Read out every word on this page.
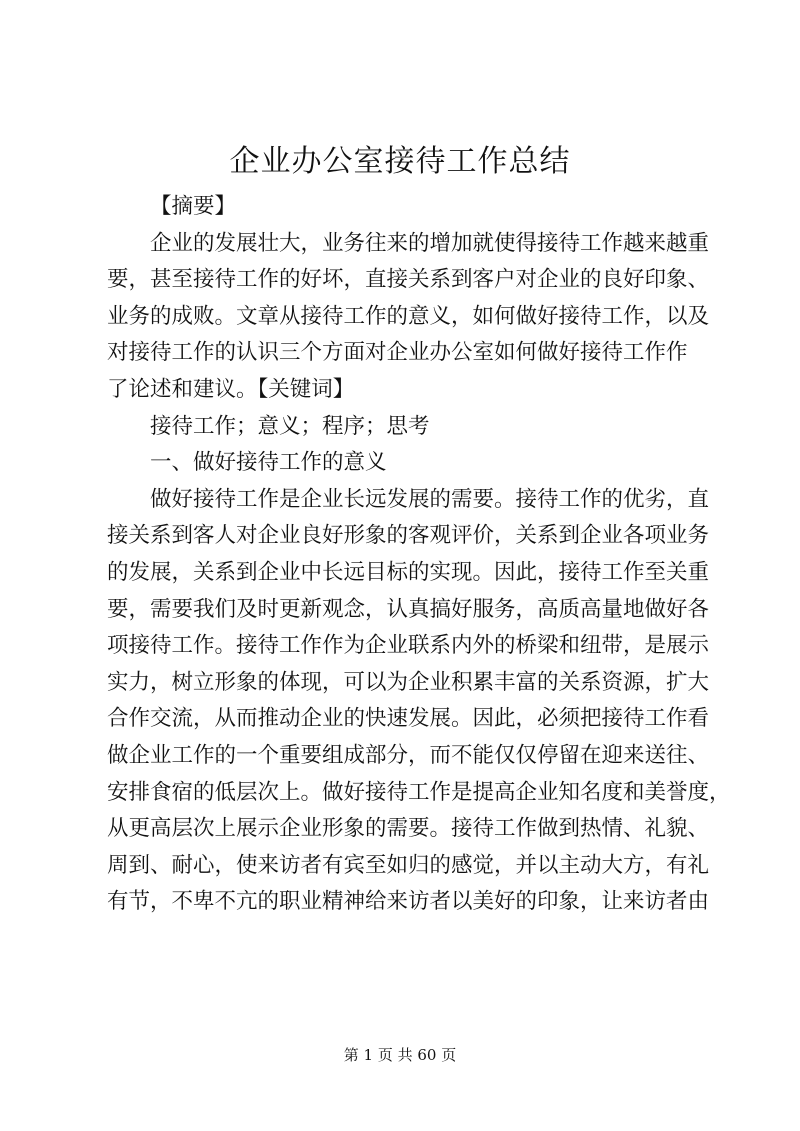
企业办公室接待工作总结
【摘要】
企业的发展壮大，业务往来的增加就使得接待工作越来越重
要，甚至接待工作的好坏，直接关系到客户对企业的良好印象、
业务的成败。文章从接待工作的意义，如何做好接待工作，以及
对接待工作的认识三个方面对企业办公室如何做好接待工作作
了论述和建议。【关键词】
接待工作；意义；程序；思考
一、做好接待工作的意义
做好接待工作是企业长远发展的需要。接待工作的优劣，直
接关系到客人对企业良好形象的客观评价，关系到企业各项业务
的发展，关系到企业中长远目标的实现。因此，接待工作至关重
要，需要我们及时更新观念，认真搞好服务，高质高量地做好各
项接待工作。接待工作作为企业联系内外的桥梁和纽带，是展示
实力，树立形象的体现，可以为企业积累丰富的关系资源，扩大
合作交流，从而推动企业的快速发展。因此，必须把接待工作看
做企业工作的一个重要组成部分，而不能仅仅停留在迎来送往、
安排食宿的低层次上。做好接待工作是提高企业知名度和美誉度，
从更高层次上展示企业形象的需要。接待工作做到热情、礼貌、
周到、耐心，使来访者有宾至如归的感觉，并以主动大方，有礼
有节，不卑不亢的职业精神给来访者以美好的印象，让来访者由
第 1 页 共 60 页
